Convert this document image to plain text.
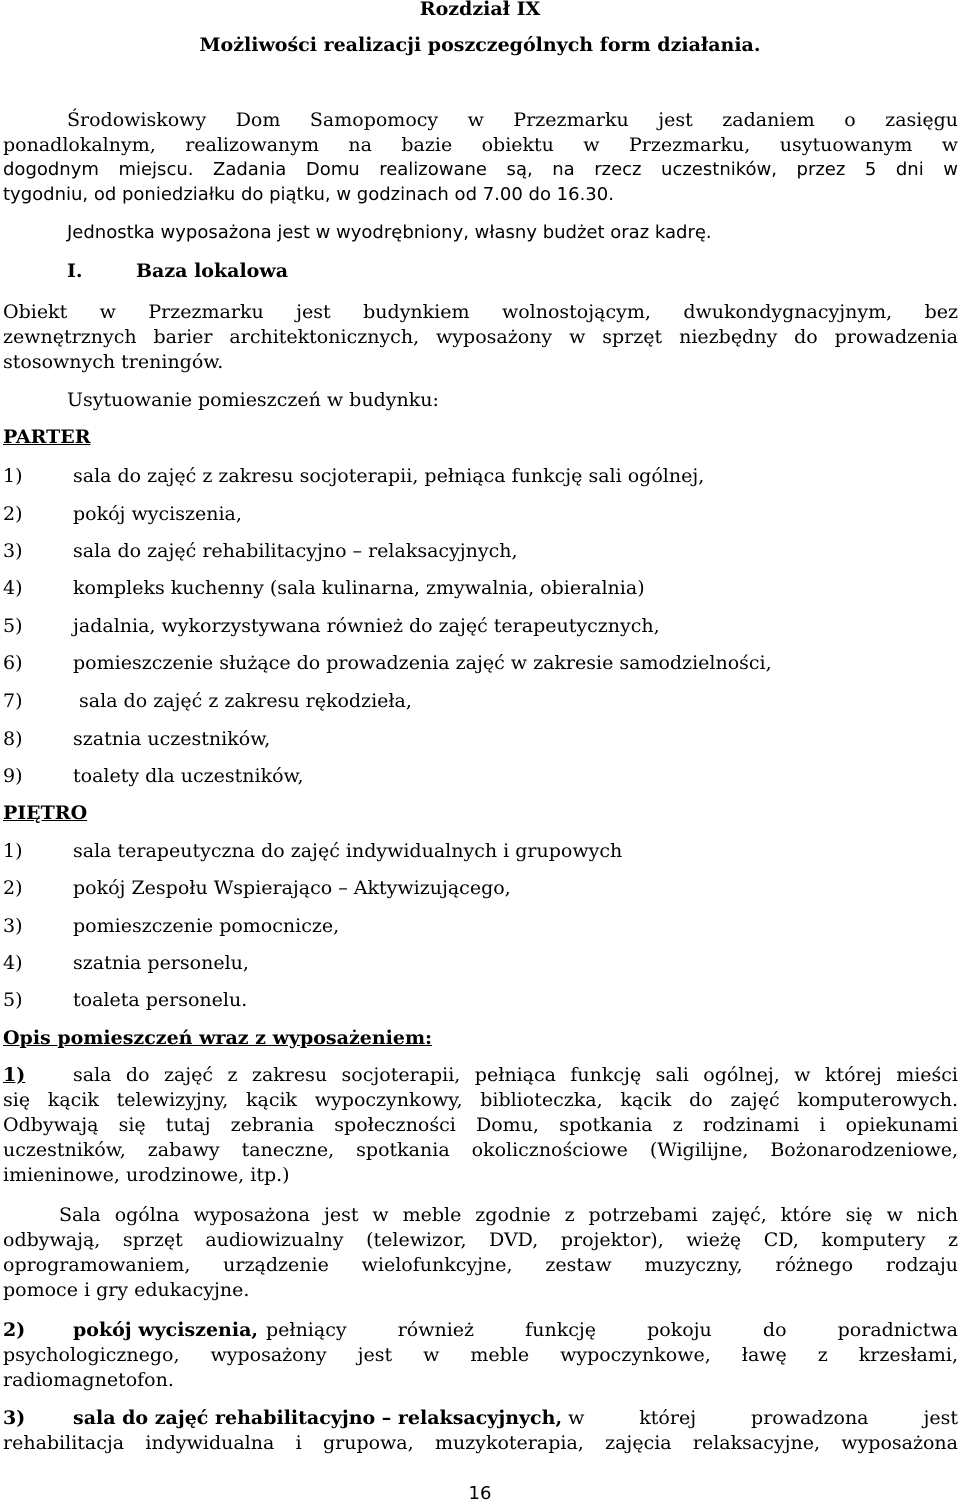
Rozdział IX
Możliwości realizacji poszczególnych form działania.
Środowiskowy Dom Samopomocy w Przezmarku jest zadaniem o zasięgu
ponadlokalnym, realizowanym na bazie obiektu w Przezmarku, usytuowanym w
dogodnym miejscu. Zadania Domu realizowane są, na rzecz uczestników, przez 5 dni w
tygodniu, od poniedziałku do piątku, w godzinach od 7.00 do 16.30.
Jednostka wyposażona jest w wyodrębniony, własny budżet oraz kadrę.
I.	Baza lokalowa
Obiekt w Przezmarku jest budynkiem wolnostojącym, dwukondygnacyjnym, bez
zewnętrznych barier architektonicznych, wyposażony w sprzęt niezbędny do prowadzenia
stosownych treningów.
Usytuowanie pomieszczeń w budynku:
PARTER
1)	sala do zajęć z zakresu socjoterapii, pełniąca funkcję sali ogólnej,
2)	pokój wyciszenia,
3)	sala do zajęć rehabilitacyjno – relaksacyjnych,
4)	kompleks kuchenny (sala kulinarna, zmywalnia, obieralnia)
5)	jadalnia, wykorzystywana również do zajęć terapeutycznych,
6)	pomieszczenie służące do prowadzenia zajęć w zakresie samodzielności,
7)	sala do zajęć z zakresu rękodzieła,
8)	szatnia uczestników,
9)	toalety dla uczestników,
PIĘTRO
1)	sala terapeutyczna do zajęć indywidualnych i grupowych
2)	pokój Zespołu Wspierająco – Aktywizującego,
3)	pomieszczenie pomocnicze,
4)	szatnia personelu,
5)	toaleta personelu.
Opis pomieszczeń wraz z wyposażeniem:
1)	sala do zajęć z zakresu socjoterapii, pełniąca funkcję sali ogólnej, w której mieści
się kącik telewizyjny, kącik wypoczynkowy, biblioteczka, kącik do zajęć komputerowych.
Odbywają się tutaj zebrania społeczności Domu, spotkania z rodzinami i opiekunami
uczestników, zabawy taneczne, spotkania okolicznościowe (Wigilijne, Bożonarodzeniowe,
imieninowe, urodzinowe, itp.)
Sala ogólna wyposażona jest w meble zgodnie z potrzebami zajęć, które się w nich
odbywają, sprzęt audiowizualny (telewizor, DVD, projektor), wieżę CD, komputery z
oprogramowaniem, urządzenie wielofunkcyjne, zestaw muzyczny, różnego rodzaju
pomoce i gry edukacyjne.
2)	pokój wyciszenia, pełniący również funkcję pokoju do poradnictwa
psychologicznego, wyposażony jest w meble wypoczynkowe, ławę z krzesłami,
radiomagnetofon.
3)	sala do zajęć rehabilitacyjno – relaksacyjnych, w której prowadzona jest
rehabilitacja indywidualna i grupowa, muzykoterapia, zajęcia relaksacyjne, wyposażona
16
